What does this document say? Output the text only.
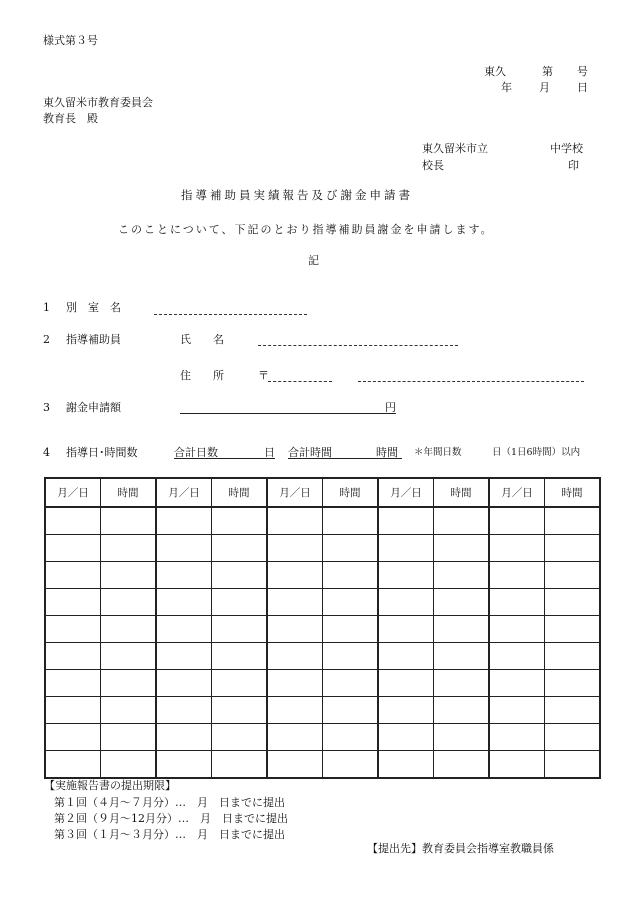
様式第３号
東久	第 号
年 月 日
東久留米市教育委員会
教育長　殿
東久留米市立	中学校
校長	印
指導補助員実績報告及び謝金申請書
このことについて、下記のとおり指導補助員謝金を申請します。
記
1 別　室　名
2 指導補助員	氏　　名
住　　所	〒
3 謝金申請額	円
4 指導日･時間数	合計日数	日 合計時間	時間 ＊年間日数	日（1日6時間）以内
月／日	時間	月／日	時間	月／日	時間	月／日	時間	月／日	時間

【実施報告書の提出期限】
第１回（４月～７月分）…　月　日までに提出
第２回（９月～12月分）…　月　日までに提出
第３回（１月～３月分）…　月　日までに提出
【提出先】教育委員会指導室教職員係
